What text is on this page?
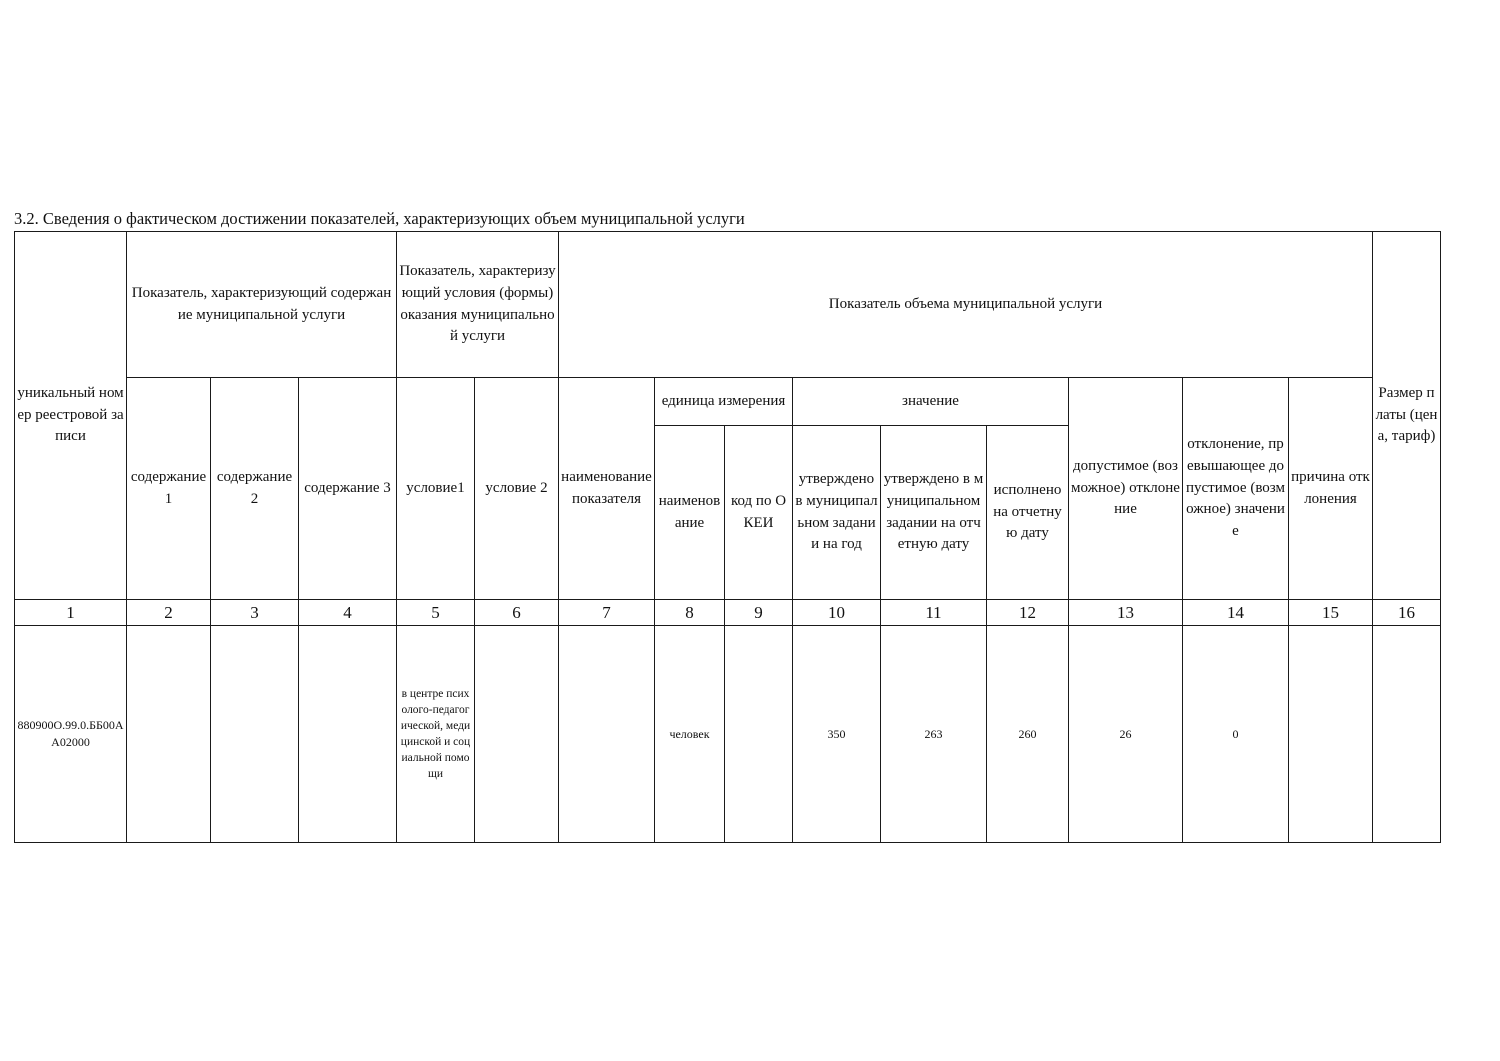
3.2. Сведения о фактическом достижении показателей, характеризующих объем муниципальной услуги
уникальный номер реестровой записи	Показатель, характеризующий содержание муниципальной услуги			Показатель, характеризующий условия (формы) оказания муниципальной услуги		Показатель объема муниципальной услуги									Размер платы (цена, тариф)
	содержание 1	содержание 2	содержание 3	условие1	условие 2	наименование показателя	единица измерения		значение			допустимое (возможное) отклонение	отклонение, превышающее допустимое (возможное) значение	причина отклонения	
							наименование	код по ОКЕИ	утверждено в муниципальном задании на год	утверждено в муниципальном задании на отчетную дату	исполнено на отчетную дату				
1	2	3	4	5	6	7	8	9	10	11	12	13	14	15	16
880900О.99.0.ББ00АА02000				в центре психолого-педагогической, медицинской и социальной помощи			человек		350	263	260	26	0		
